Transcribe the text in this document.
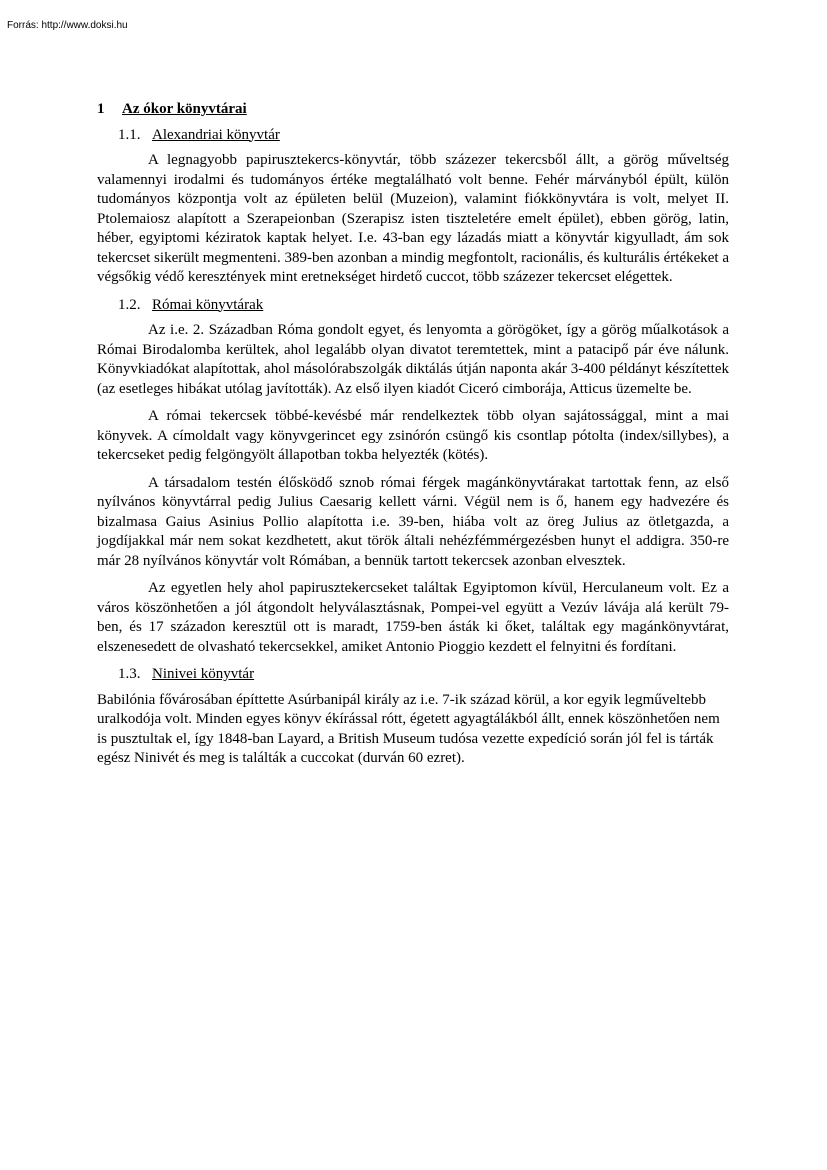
Forrás: http://www.doksi.hu
1 Az ókor könyvtárai
1.1. Alexandriai könyvtár

A legnagyobb papirusztekercs-könyvtár, több százezer tekercsből állt, a görög műveltség valamennyi irodalmi és tudományos értéke megtalálható volt benne. Fehér márványból épült, külön tudományos központja volt az épületen belül (Muzeion), valamint fiókkönyvtára is volt, melyet II. Ptolemaiosz alapított a Szerapeionban (Szerapisz isten tiszteletére emelt épület), ebben görög, latin, héber, egyiptomi kéziratok kaptak helyet. I.e. 43-ban egy lázadás miatt a könyvtár kigyulladt, ám sok tekercset sikerült megmenteni. 389-ben azonban a mindig megfontolt, racionális, és kulturális értékeket a végsőkig védő keresztények mint eretnekséget hirdető cuccot, több százezer tekercset elégettek.

1.2. Római könyvtárak

Az i.e. 2. Században Róma gondolt egyet, és lenyomta a görögöket, így a görög műalkotások a Római Birodalomba kerültek, ahol legalább olyan divatot teremtettek, mint a patacipő pár éve nálunk. Könyvkiadókat alapítottak, ahol másolórabszolgák diktálás útján naponta akár 3-400 példányt készítettek (az esetleges hibákat utólag javították). Az első ilyen kiadót Ciceró cimborája, Atticus üzemelte be.

A római tekercsek többé-kevésbé már rendelkeztek több olyan sajátossággal, mint a mai könyvek. A címoldalt vagy könyvgerincet egy zsinórón csüngő kis csontlap pótolta (index/sillybes), a tekercseket pedig felgöngyölt állapotban tokba helyezték (kötés).

A társadalom testén élősködő sznob római férgek magánkönyvtárakat tartottak fenn, az első nyílvános könyvtárral pedig Julius Caesarig kellett várni. Végül nem is ő, hanem egy hadvezére és bizalmasa Gaius Asinius Pollio alapította i.e. 39-ben, hiába volt az öreg Julius az ötletgazda, a jogdíjakkal már nem sokat kezdhetett, akut török általi nehézfémmérgezésben hunyt el addigra. 350-re már 28 nyílvános könyvtár volt Rómában, a bennük tartott tekercsek azonban elvesztek.

Az egyetlen hely ahol papirusztekercseket találtak Egyiptomon kívül, Herculaneum volt. Ez a város köszönhetően a jól átgondolt helyválasztásnak, Pompei-vel együtt a Vezúv lávája alá került 79-ben, és 17 századon keresztül ott is maradt, 1759-ben ásták ki őket, találtak egy magánkönyvtárat, elszenesedett de olvasható tekercsekkel, amiket Antonio Pioggio kezdett el felnyitni és fordítani.

1.3. Ninivei könyvtár

Babilónia fővárosában építtette Asúrbanipál király az i.e. 7-ik század körül, a kor egyik legműveltebb uralkodója volt. Minden egyes könyv ékírással rótt, égetett agyagtálákból állt, ennek köszönhetően nem is pusztultak el, így 1848-ban Layard, a British Museum tudósa vezette expedíció során jól fel is tárták egész Ninivét és meg is találták a cuccokat (durván 60 ezret).
